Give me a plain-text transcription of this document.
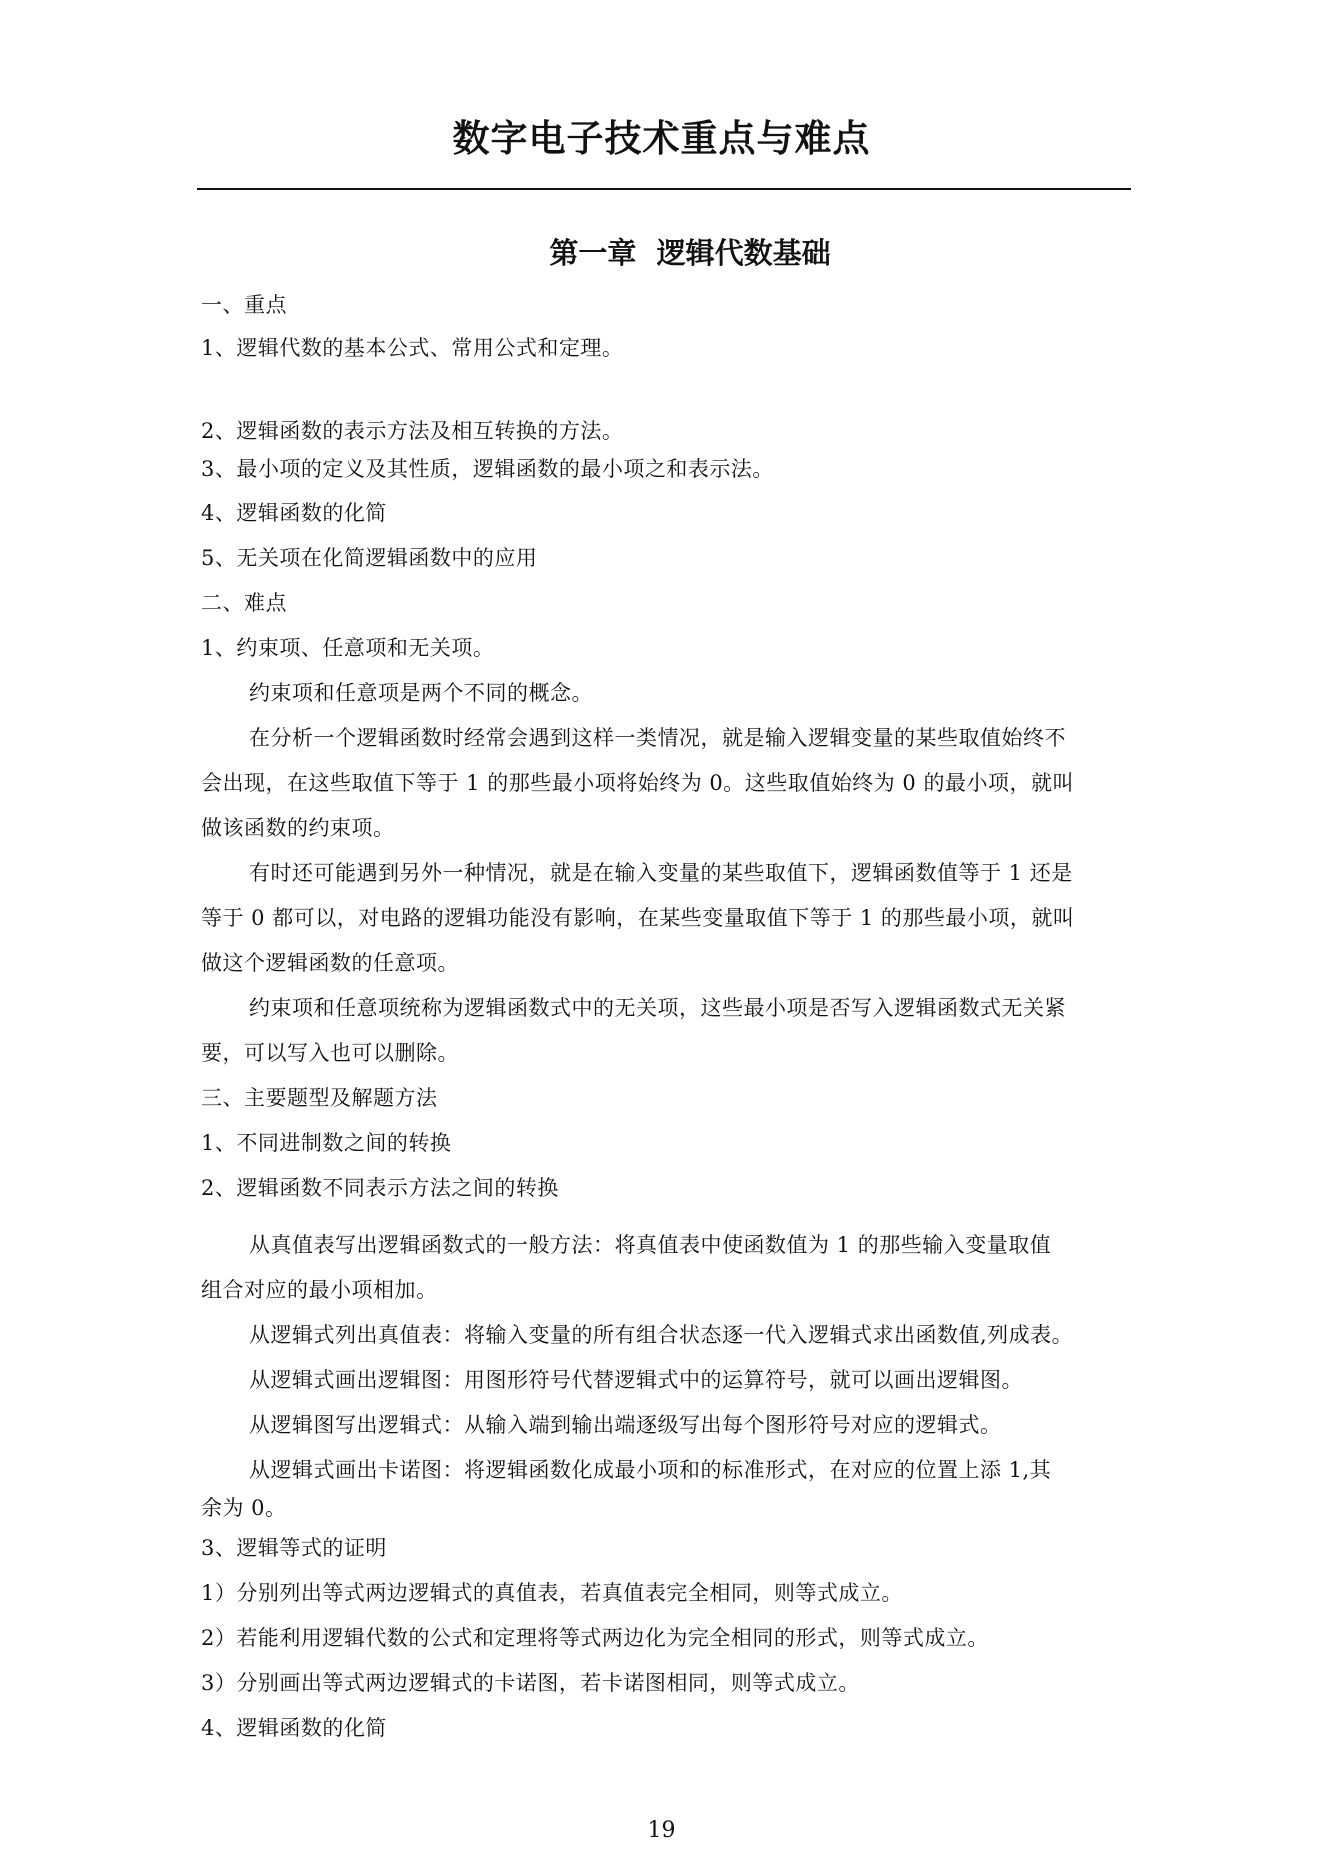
数字电子技术重点与难点
第一章  逻辑代数基础
一、重点
1、逻辑代数的基本公式、常用公式和定理。
2、逻辑函数的表示方法及相互转换的方法。
3、最小项的定义及其性质，逻辑函数的最小项之和表示法。
4、逻辑函数的化简
5、无关项在化简逻辑函数中的应用
二、难点
1、约束项、任意项和无关项。
约束项和任意项是两个不同的概念。
在分析一个逻辑函数时经常会遇到这样一类情况，就是输入逻辑变量的某些取值始终不
会出现，在这些取值下等于 1 的那些最小项将始终为 0。这些取值始终为 0 的最小项，就叫
做该函数的约束项。
有时还可能遇到另外一种情况，就是在输入变量的某些取值下，逻辑函数值等于 1 还是
等于 0 都可以，对电路的逻辑功能没有影响，在某些变量取值下等于 1 的那些最小项，就叫
做这个逻辑函数的任意项。
约束项和任意项统称为逻辑函数式中的无关项，这些最小项是否写入逻辑函数式无关紧
要，可以写入也可以删除。
三、主要题型及解题方法
1、不同进制数之间的转换
2、逻辑函数不同表示方法之间的转换
从真值表写出逻辑函数式的一般方法：将真值表中使函数值为 1 的那些输入变量取值
组合对应的最小项相加。
从逻辑式列出真值表：将输入变量的所有组合状态逐一代入逻辑式求出函数值,列成表。
从逻辑式画出逻辑图：用图形符号代替逻辑式中的运算符号，就可以画出逻辑图。
从逻辑图写出逻辑式：从输入端到输出端逐级写出每个图形符号对应的逻辑式。
从逻辑式画出卡诺图：将逻辑函数化成最小项和的标准形式，在对应的位置上添 1,其
余为 0。
3、逻辑等式的证明
1）分别列出等式两边逻辑式的真值表，若真值表完全相同，则等式成立。
2）若能利用逻辑代数的公式和定理将等式两边化为完全相同的形式，则等式成立。
3）分别画出等式两边逻辑式的卡诺图，若卡诺图相同，则等式成立。
4、逻辑函数的化简
19
